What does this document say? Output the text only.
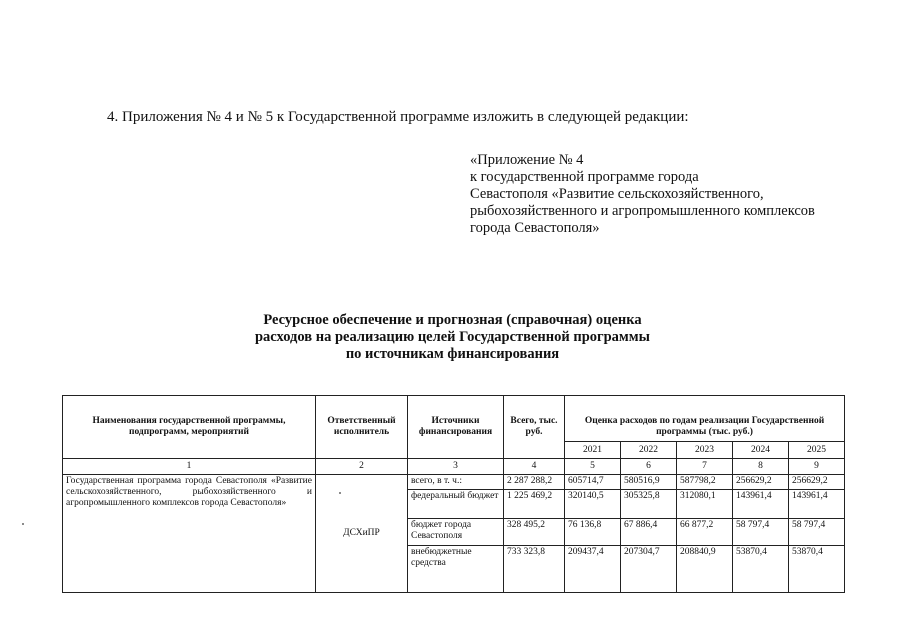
4. Приложения № 4 и № 5 к Государственной программе изложить в следующей редакции:
«Приложение № 4
к государственной программе города
Севастополя «Развитие сельскохозяйственного,
рыбохозяйственного и агропромышленного комплексов
города Севастополя»
Ресурсное обеспечение и прогнозная (справочная) оценка
расходов на реализацию целей Государственной программы
по источникам финансирования
Наименования государственной программы, подпрограмм, мероприятий	Ответственный исполнитель	Источники финансирования	Всего, тыс. руб.	Оценка расходов по годам реализации Государственной программы (тыс. руб.)				
				2021	2022	2023	2024	2025
1	2	3	4	5	6	7	8	9
Государственная программа города Севастополя «Развитие сельскохозяйственного, рыбохозяйственного и агропромышленного комплексов города Севастополя»	ДСХиПР	всего, в т. ч.:	2 287 288,2	605714,7	580516,9	587798,2	256629,2	256629,2
		федеральный бюджет	1 225 469,2	320140,5	305325,8	312080,1	143961,4	143961,4
		бюджет города Севастополя	328 495,2	76 136,8	67 886,4	66 877,2	58 797,4	58 797,4
		внебюджетные средства	733 323,8	209437,4	207304,7	208840,9	53870,4	53870,4
